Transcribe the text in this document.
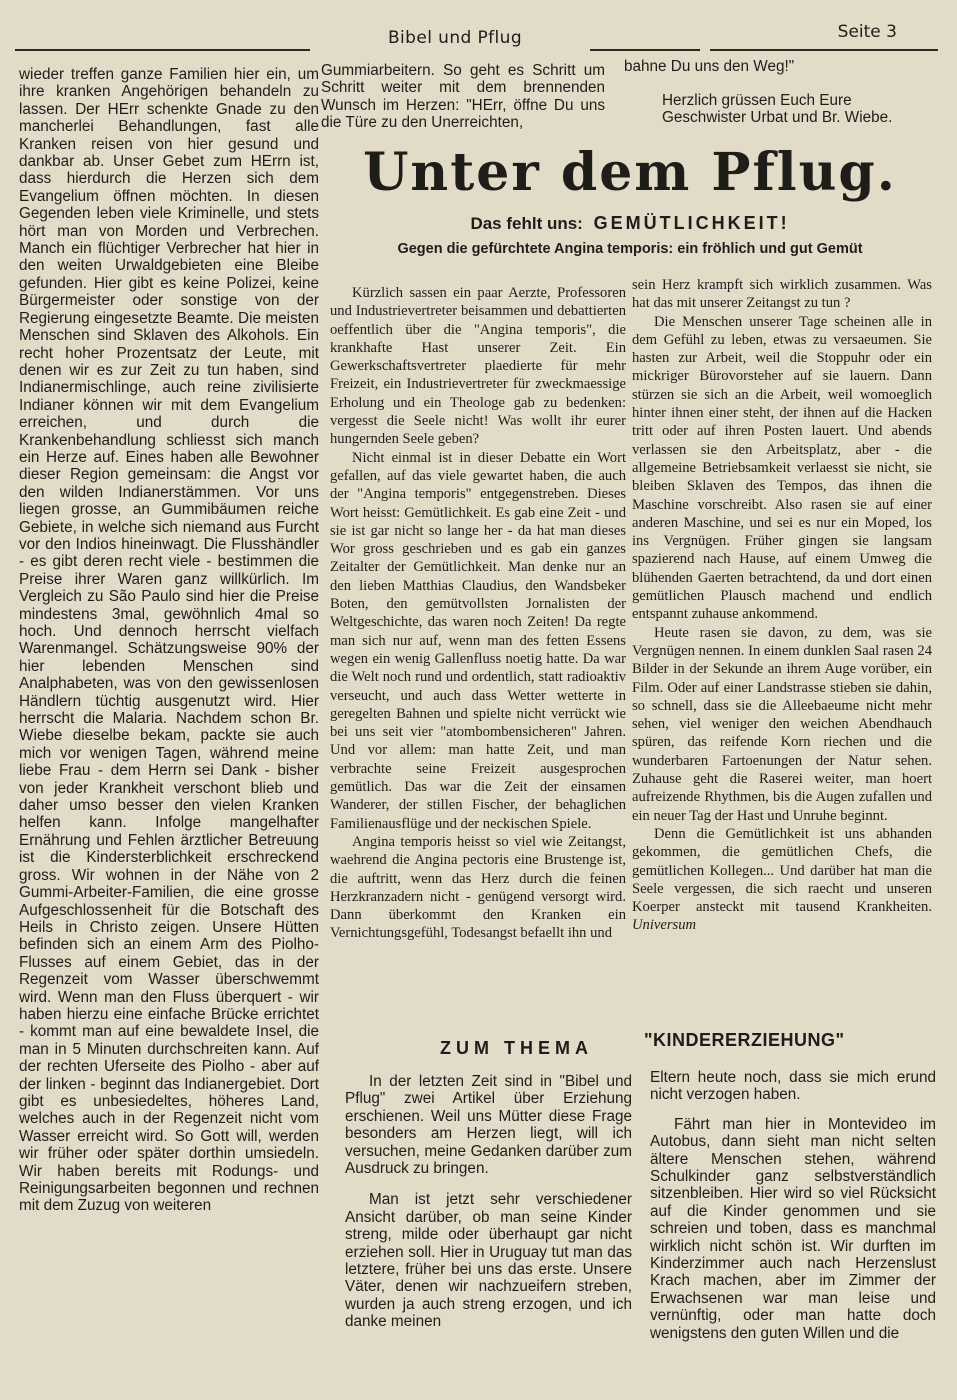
Bibel und Pflug	Seite 3

wieder treffen ganze Familien hier ein, um ihre kranken Angehörigen behandeln zu lassen. Der HErr schenkte Gnade zu den mancherlei Behandlungen, fast alle Kranken reisen von hier gesund und dankbar ab. Unser Gebet zum HErrn ist, dass hierdurch die Herzen sich dem Evangelium öffnen möchten. In diesen Gegenden leben viele Kriminelle, und stets hört man von Morden und Verbrechen. Manch ein flüchtiger Verbrecher hat hier in den weiten Urwaldgebieten eine Bleibe gefunden. Hier gibt es keine Polizei, keine Bürgermeister oder sonstige von der Regierung eingesetzte Beamte. Die meisten Menschen sind Sklaven des Alkohols. Ein recht hoher Prozentsatz der Leute, mit denen wir es zur Zeit zu tun haben, sind Indianermischlinge, auch reine zivilisierte Indianer können wir mit dem Evangelium erreichen, und durch die Krankenbehandlung schliesst sich manch ein Herze auf. Eines haben alle Bewohner dieser Region gemeinsam: die Angst vor den wilden Indianerstämmen. Vor uns liegen grosse, an Gummibäumen reiche Gebiete, in welche sich niemand aus Furcht vor den Indios hineinwagt. Die Flusshändler - es gibt deren recht viele - bestimmen die Preise ihrer Waren ganz willkürlich. Im Vergleich zu São Paulo sind hier die Preise mindestens 3mal, gewöhnlich 4mal so hoch. Und dennoch herrscht vielfach Warenmangel. Schätzungsweise 90% der hier lebenden Menschen sind Analphabeten, was von den gewissenlosen Händlern tüchtig ausgenutzt wird. Hier herrscht die Malaria. Nachdem schon Br. Wiebe dieselbe bekam, packte sie auch mich vor wenigen Tagen, während meine liebe Frau - dem Herrn sei Dank - bisher von jeder Krankheit verschont blieb und daher umso besser den vielen Kranken helfen kann. Infolge mangelhafter Ernährung und Fehlen ärztlicher Betreuung ist die Kindersterblichkeit erschreckend gross. Wir wohnen in der Nähe von 2 Gummi-Arbeiter-Familien, die eine grosse Aufgeschlossenheit für die Botschaft des Heils in Christo zeigen. Unsere Hütten befinden sich an einem Arm des Piolho-Flusses auf einem Gebiet, das in der Regenzeit vom Wasser überschwemmt wird. Wenn man den Fluss überquert - wir haben hierzu eine einfache Brücke errichtet - kommt man auf eine bewaldete Insel, die man in 5 Minuten durchschreiten kann. Auf der rechten Uferseite des Piolho - aber auf der linken - beginnt das Indianergebiet. Dort gibt es unbesiedeltes, höheres Land, welches auch in der Regenzeit nicht vom Wasser erreicht wird. So Gott will, werden wir früher oder später dorthin umsiedeln. Wir haben bereits mit Rodungs- und Reinigungsarbeiten begonnen und rechnen mit dem Zuzug von weiteren

Gummiarbeitern. So geht es Schritt um Schritt weiter mit dem brennenden Wunsch im Herzen: "HErr, öffne Du uns die Türe zu den Unerreichten,

bahne Du uns den Weg!"

Herzlich grüssen Euch Eure Geschwister Urbat und Br. Wiebe.

Unter dem Pflug.
Das fehlt uns: GEMÜTLICHKEIT!
Gegen die gefürchtete Angina temporis: ein fröhlich und gut Gemüt

Kürzlich sassen ein paar Aerzte, Professoren und Industrievertreter beisammen und debattierten oeffentlich über die "Angina temporis", die krankhafte Hast unserer Zeit. Ein Gewerkschaftsvertreter plaedierte für mehr Freizeit, ein Industrievertreter für zweckmaessige Erholung und ein Theologe gab zu bedenken: vergesst die Seele nicht! Was wollt ihr eurer hungernden Seele geben?

Nicht einmal ist in dieser Debatte ein Wort gefallen, auf das viele gewartet haben, die auch der "Angina temporis" entgegenstreben. Dieses Wort heisst: Gemütlichkeit. Es gab eine Zeit - und sie ist gar nicht so lange her - da hat man dieses Wor gross geschrieben und es gab ein ganzes Zeitalter der Gemütlichkeit. Man denke nur an den lieben Matthias Claudius, den Wandsbeker Boten, den gemütvollsten Jornalisten der Weltgeschichte, das waren noch Zeiten! Da regte man sich nur auf, wenn man des fetten Essens wegen ein wenig Gallenfluss noetig hatte. Da war die Welt noch rund und ordentlich, statt radioaktiv verseucht, und auch dass Wetter wetterte in geregelten Bahnen und spielte nicht verrückt wie bei uns seit vier "atombombensicheren" Jahren. Und vor allem: man hatte Zeit, und man verbrachte seine Freizeit ausgesprochen gemütlich. Das war die Zeit der einsamen Wanderer, der stillen Fischer, der behaglichen Familienausflüge und der neckischen Spiele.

Angina temporis heisst so viel wie Zeitangst, waehrend die Angina pectoris eine Brustenge ist, die auftritt, wenn das Herz durch die feinen Herzkranzadern nicht - genügend versorgt wird. Dann überkommt den Kranken ein Vernichtungsgefühl, Todesangst befaellt ihn und

sein Herz krampft sich wirklich zusammen. Was hat das mit unserer Zeitangst zu tun ?

Die Menschen unserer Tage scheinen alle in dem Gefühl zu leben, etwas zu versaeumen. Sie hasten zur Arbeit, weil die Stoppuhr oder ein mickriger Bürovorsteher auf sie lauern. Dann stürzen sie sich an die Arbeit, weil womoeglich hinter ihnen einer steht, der ihnen auf die Hacken tritt oder auf ihren Posten lauert. Und abends verlassen sie den Arbeitsplatz, aber - die allgemeine Betriebsamkeit verlaesst sie nicht, sie bleiben Sklaven des Tempos, das ihnen die Maschine vorschreibt. Also rasen sie auf einer anderen Maschine, und sei es nur ein Moped, los ins Vergnügen. Früher gingen sie langsam spazierend nach Hause, auf einem Umweg die blühenden Gaerten betrachtend, da und dort einen gemütlichen Plausch machend und endlich entspannt zuhause ankommend.

Heute rasen sie davon, zu dem, was sie Vergnügen nennen. In einem dunklen Saal rasen 24 Bilder in der Sekunde an ihrem Auge vorüber, ein Film. Oder auf einer Landstrasse stieben sie dahin, so schnell, dass sie die Alleebaeume nicht mehr sehen, viel weniger den weichen Abendhauch spüren, das reifende Korn riechen und die wunderbaren Fartoenungen der Natur sehen. Zuhause geht die Raserei weiter, man hoert aufreizende Rhythmen, bis die Augen zufallen und ein neuer Tag der Hast und Unruhe beginnt.

Denn die Gemütlichkeit ist uns abhanden gekommen, die gemütlichen Chefs, die gemütlichen Kollegen... Und darüber hat man die Seele vergessen, die sich raecht und unseren Koerper ansteckt mit tausend Krankheiten. Universum

ZUM THEMA	"KINDERERZIEHUNG"

In der letzten Zeit sind in "Bibel und Pflug" zwei Artikel über Erziehung erschienen. Weil uns Mütter diese Frage besonders am Herzen liegt, will ich versuchen, meine Gedanken darüber zum Ausdruck zu bringen.

Man ist jetzt sehr verschiedener Ansicht darüber, ob man seine Kinder streng, milde oder überhaupt gar nicht erziehen soll. Hier in Uruguay tut man das letztere, früher bei uns das erste. Unsere Väter, denen wir nachzueifern streben, wurden ja auch streng erzogen, und ich danke meinen

Eltern heute noch, dass sie mich erund nicht verzogen haben.

Fährt man hier in Montevideo im Autobus, dann sieht man nicht selten ältere Menschen stehen, während Schulkinder ganz selbstverständlich sitzenbleiben. Hier wird so viel Rücksicht auf die Kinder genommen und sie schreien und toben, dass es manchmal wirklich nicht schön ist. Wir durften im Kinderzimmer auch nach Herzenslust Krach machen, aber im Zimmer der Erwachsenen war man leise und vernünftig, oder man hatte doch wenigstens den guten Willen und die
